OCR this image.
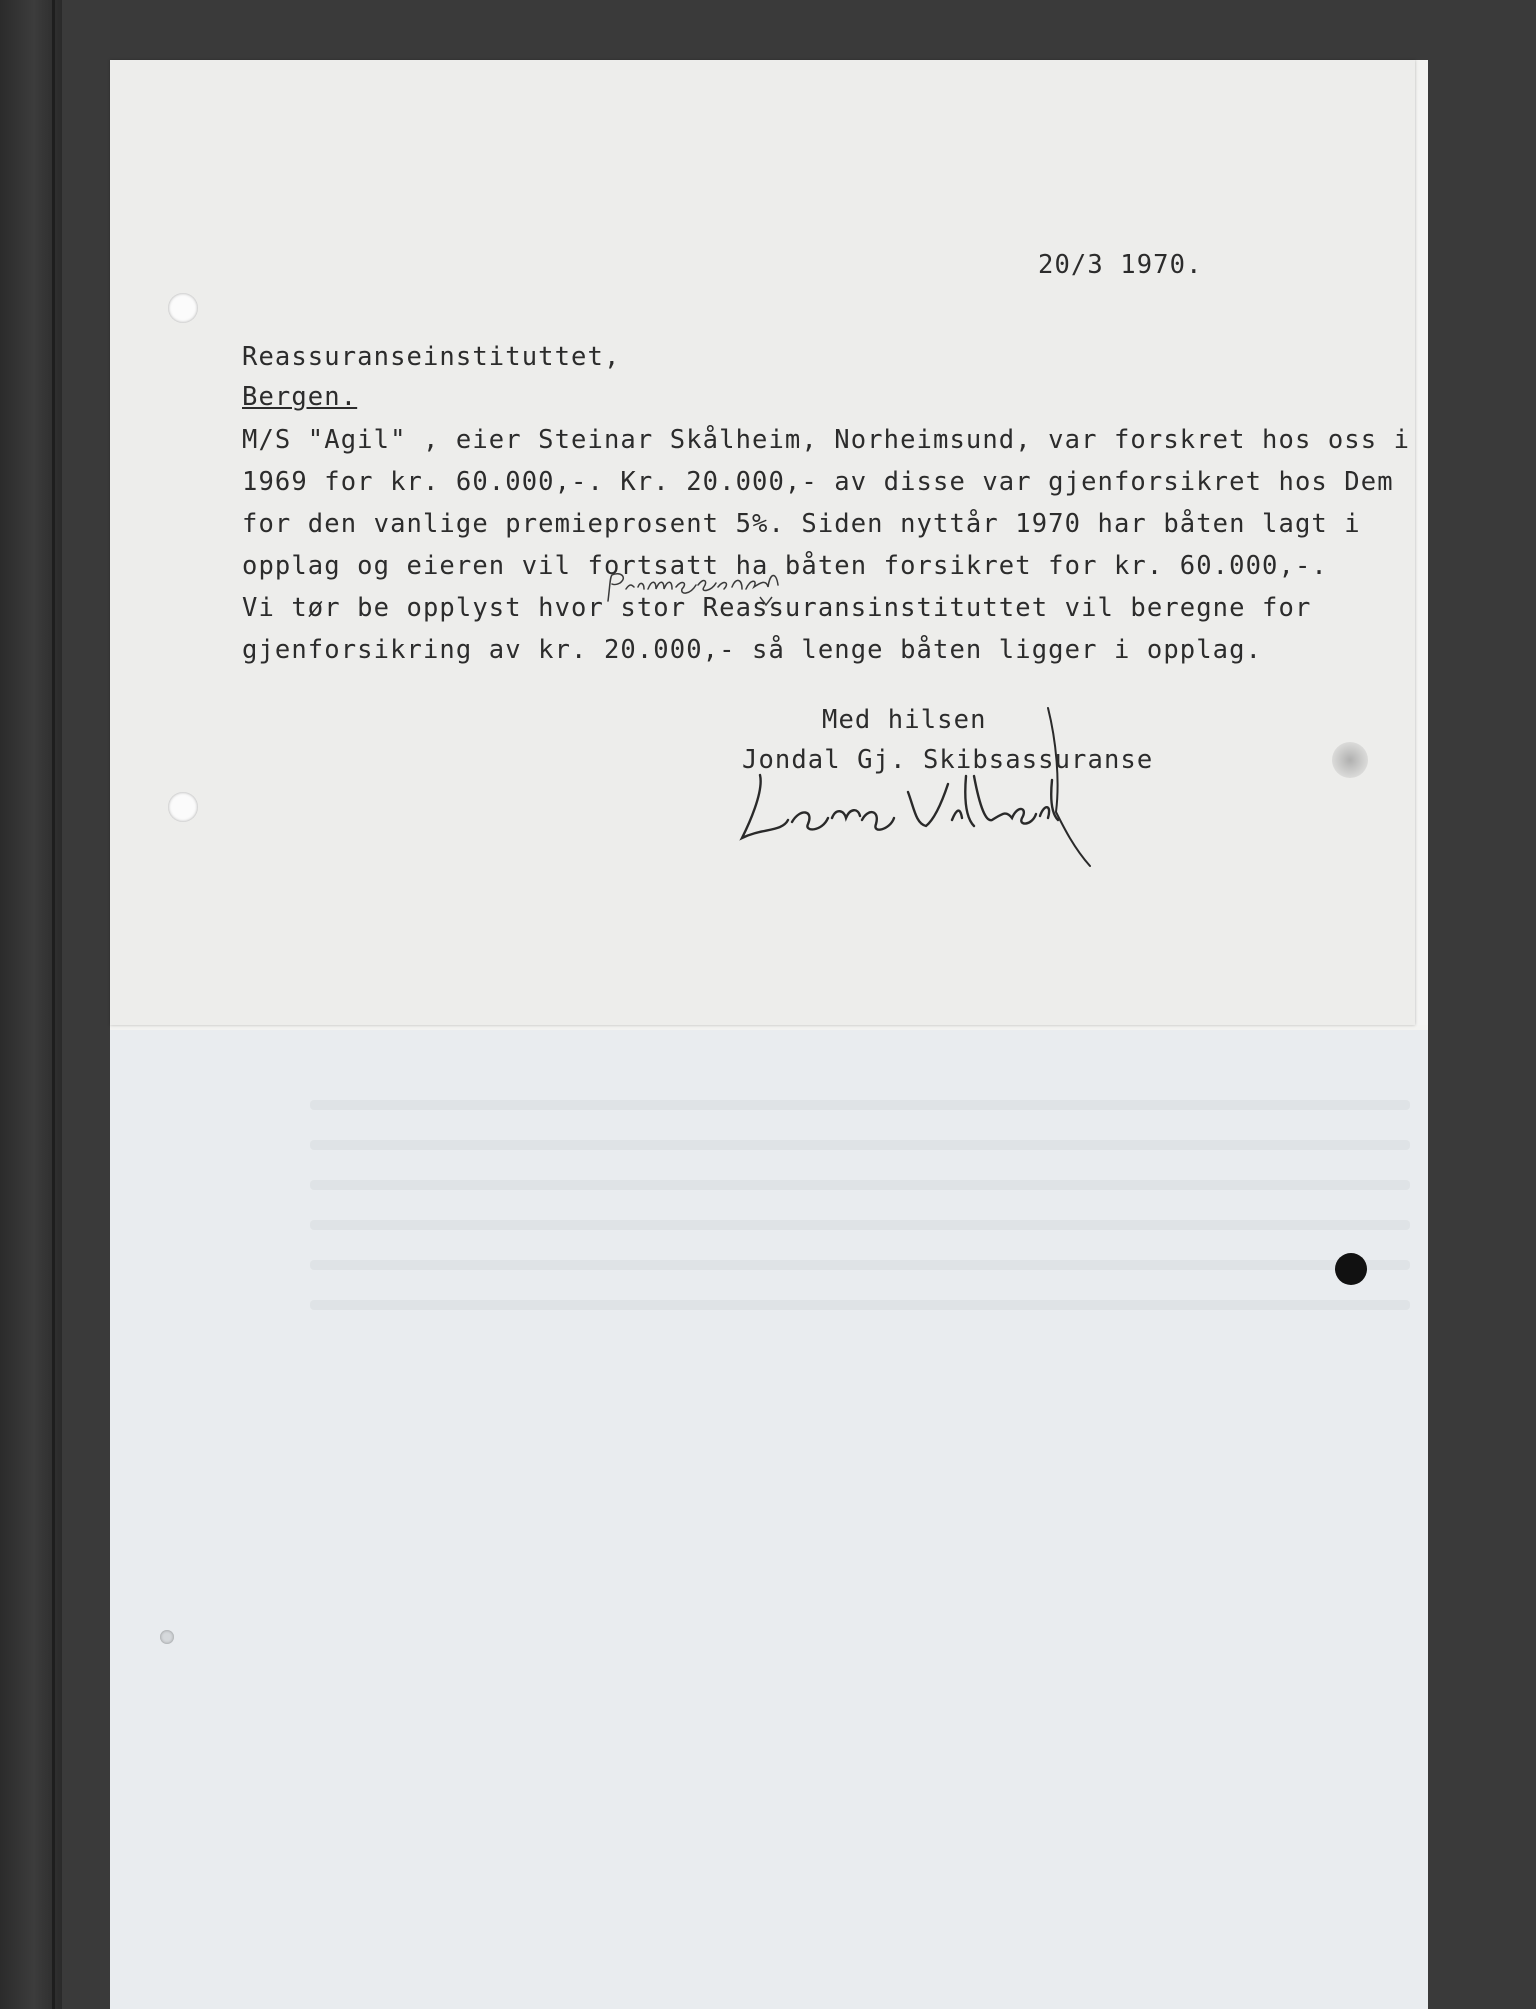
20/3 1970.
Reassuranseinstituttet,
Bergen.
M/S "Agil" , eier Steinar Skålheim, Norheimsund, var forskret hos oss i
1969 for kr. 60.000,-. Kr. 20.000,- av disse var gjenforsikret hos Dem
for den vanlige premieprosent 5%. Siden nyttår 1970 har båten lagt i
opplag og eieren vil fortsatt ha båten forsikret for kr. 60.000,-.
Vi tør be opplyst hvor stor Reassuransinstituttet vil beregne for
gjenforsikring av kr. 20.000,- så lenge båten ligger i opplag.
Med hilsen
Jondal Gj. Skibsassuranse
